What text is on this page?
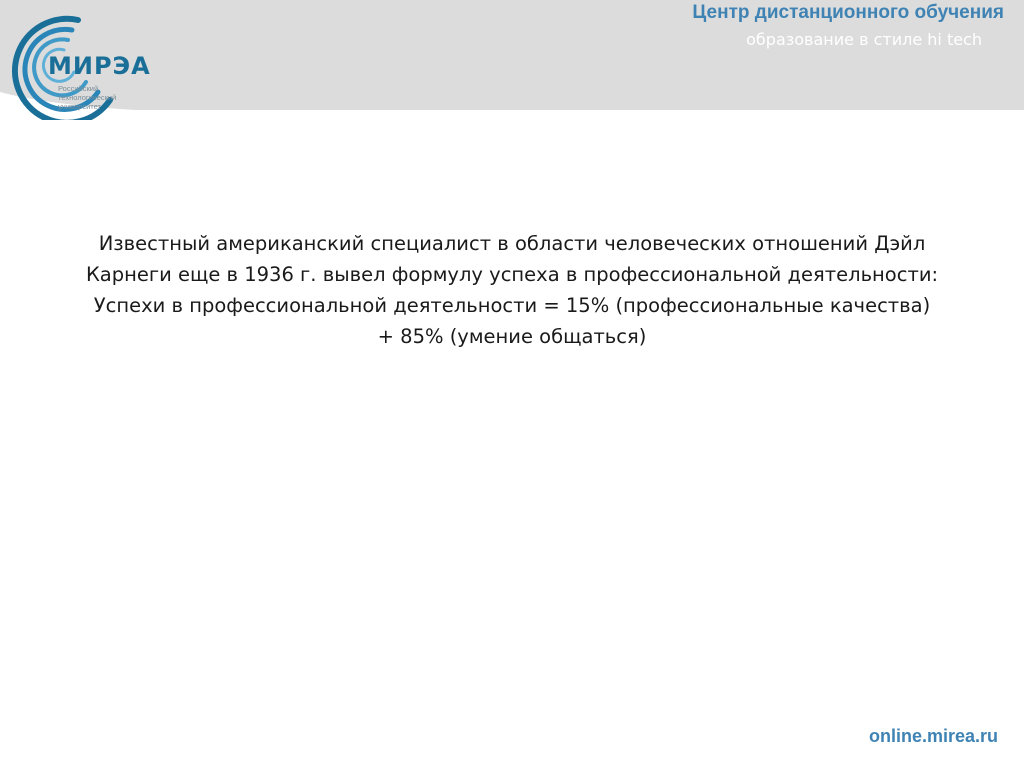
МИРЭА
Российский технологический университет
Центр дистанционного обучения
образование в стиле hi tech
Известный американский специалист в области человеческих отношений Дэйл Карнеги еще в 1936 г. вывел формулу успеха в профессиональной деятельности:
Успехи в профессиональной деятельности = 15% (профессиональные качества)
+ 85% (умение общаться)
online.mirea.ru
